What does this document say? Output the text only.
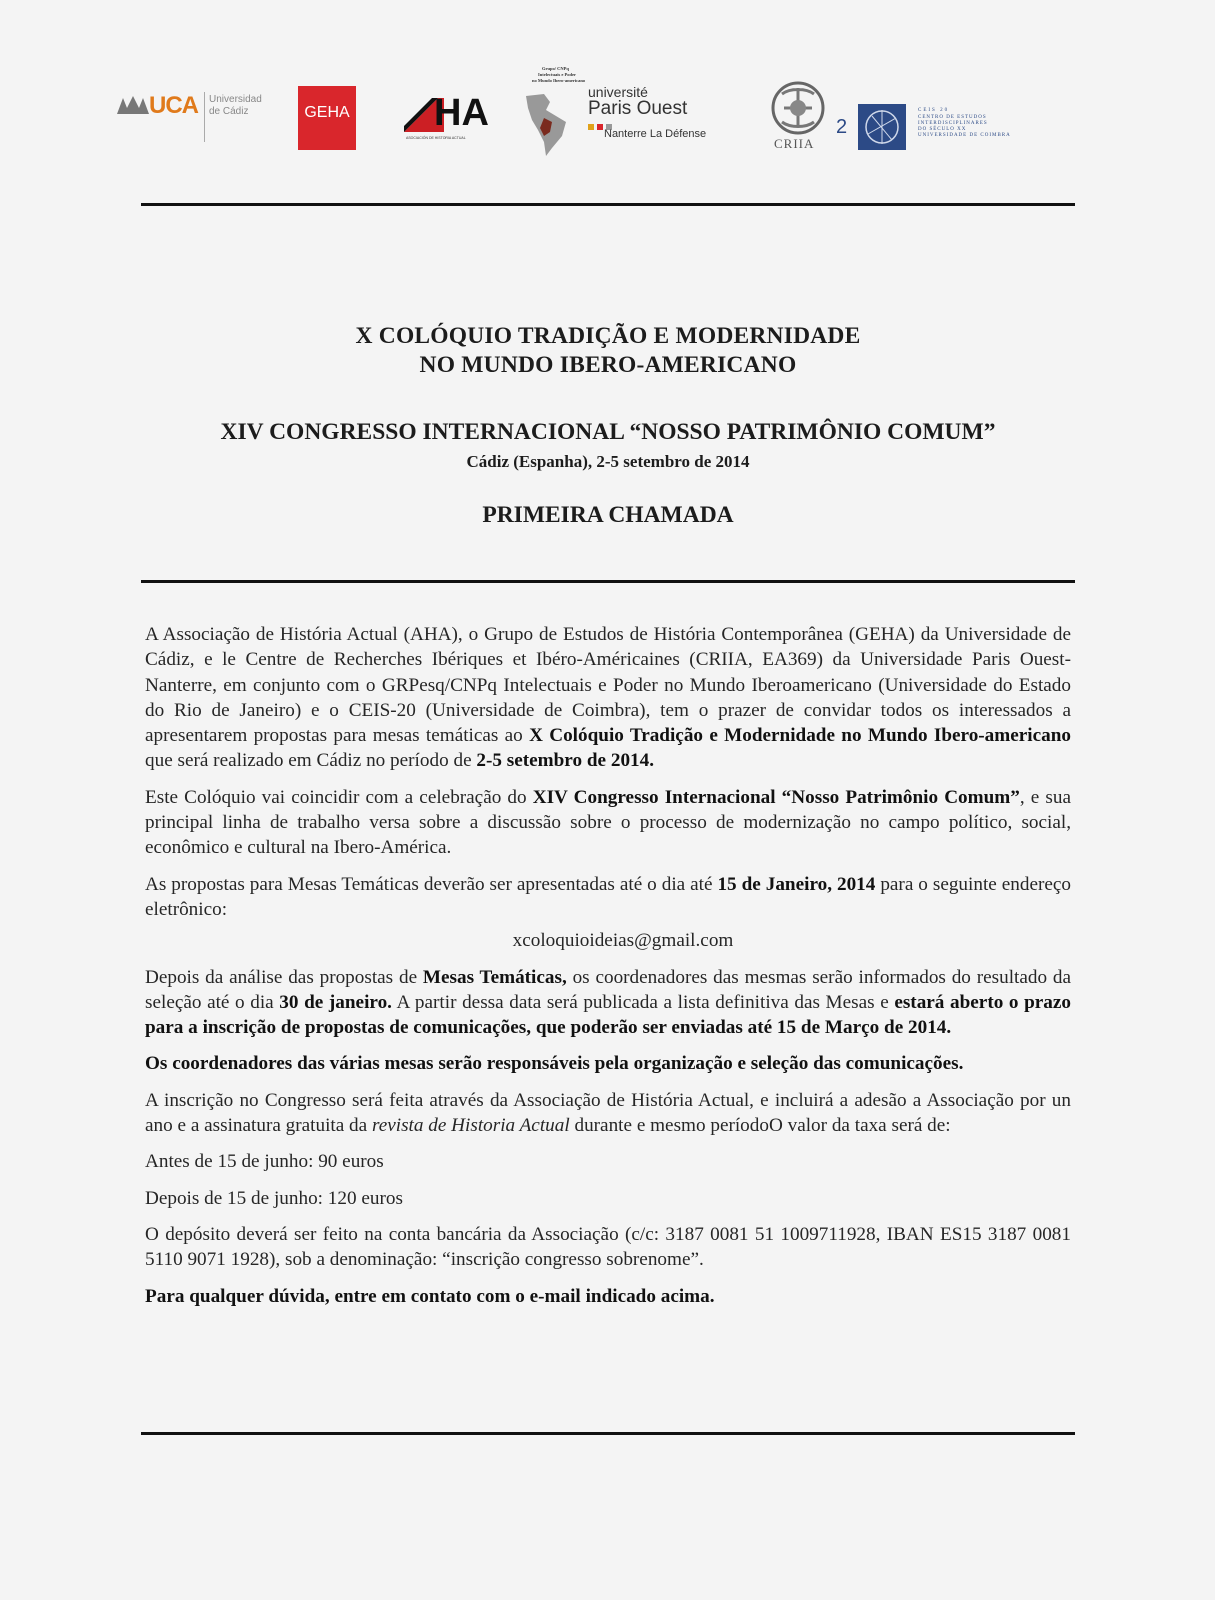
UCA Universidad
de Cádiz	GEHA HA
ASOCIACIÓN DE HISTORIA ACTUAL
Grupo/ CNPq
Intelectuais e Poder
no Mundo Ibero-americano
université
Paris Ouest
Nanterre La Défense
CRIIA
2
CEIS 20
CENTRO DE ESTUDOS
INTERDISCIPLINARES
DO SÉCULO XX
UNIVERSIDADE DE COIMBRA
X COLÓQUIO TRADIÇÃO E MODERNIDADE
NO MUNDO IBERO-AMERICANO
XIV CONGRESSO INTERNACIONAL “NOSSO PATRIMÔNIO COMUM”
Cádiz (Espanha), 2-5 setembro de 2014
PRIMEIRA CHAMADA

A Associação de História Actual (AHA), o Grupo de Estudos de História Contemporânea (GEHA) da Universidade de Cádiz, e le Centre de Recherches Ibériques et Ibéro-Américaines (CRIIA, EA369) da Universidade Paris Ouest-Nanterre, em conjunto com o GRPesq/CNPq Intelectuais e Poder no Mundo Iberoamericano (Universidade do Estado do Rio de Janeiro) e o CEIS-20 (Universidade de Coimbra), tem o prazer de convidar todos os interessados a apresentarem propostas para mesas temáticas ao X Colóquio Tradição e Modernidade no Mundo Ibero-americano que será realizado em Cádiz no período de 2-5 setembro de 2014.

Este Colóquio vai coincidir com a celebração do XIV Congresso Internacional “Nosso Patrimônio Comum”, e sua principal linha de trabalho versa sobre a discussão sobre o processo de modernização no campo político, social, econômico e cultural na Ibero-América.

As propostas para Mesas Temáticas deverão ser apresentadas até o dia até 15 de Janeiro, 2014 para o seguinte endereço eletrônico:

xcoloquioideias@gmail.com

Depois da análise das propostas de Mesas Temáticas, os coordenadores das mesmas serão informados do resultado da seleção até o dia 30 de janeiro. A partir dessa data será publicada a lista definitiva das Mesas e estará aberto o prazo para a inscrição de propostas de comunicações, que poderão ser enviadas até 15 de Março de 2014.

Os coordenadores das várias mesas serão responsáveis pela organização e seleção das comunicações.

A inscrição no Congresso será feita através da Associação de História Actual, e incluirá a adesão a Associação por un ano e a assinatura gratuita da revista de Historia Actual durante e mesmo períodoO valor da taxa será de:

Antes de 15 de junho: 90 euros

Depois de 15 de junho: 120 euros

O depósito deverá ser feito na conta bancária da Associação (c/c: 3187 0081 51 1009711928, IBAN ES15 3187 0081 5110 9071 1928), sob a denominação: “inscrição congresso sobrenome”.

Para qualquer dúvida, entre em contato com o e-mail indicado acima.
